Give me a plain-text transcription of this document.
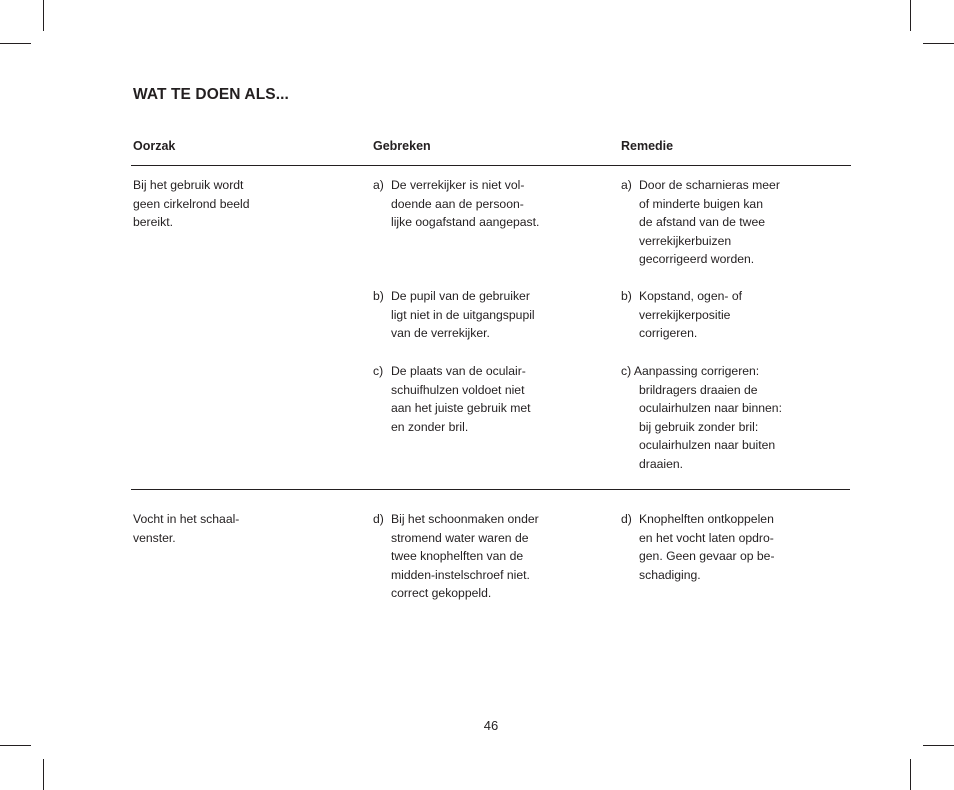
WAT TE DOEN ALS...
Oorzak	Gebreken	Remedie
Bij het gebruik wordt
geen cirkelrond beeld
bereikt.
a) De verrekijker is niet vol-
doende aan de persoon-
lijke oogafstand aangepast.
a) Door de scharnieras meer
of minderte buigen kan
de afstand van de twee
verrekijkerbuizen
gecorrigeerd worden.
b) De pupil van de gebruiker
ligt niet in de uitgangspupil
van de verrekijker.
b) Kopstand, ogen- of
verrekijkerpositie
corrigeren.
c) De plaats van de oculair-
schuifhulzen voldoet niet
aan het juiste gebruik met
en zonder bril.
c) Aanpassing corrigeren:
brildragers draaien de
oculairhulzen naar binnen:
bij gebruik zonder bril:
oculairhulzen naar buiten
draaien.
Vocht in het schaal-
venster.
d) Bij het schoonmaken onder
stromend water waren de
twee knophelften van de
midden-instelschroef niet.
correct gekoppeld.
d) Knophelften ontkoppelen
en het vocht laten opdro-
gen. Geen gevaar op be-
schadiging.
46
